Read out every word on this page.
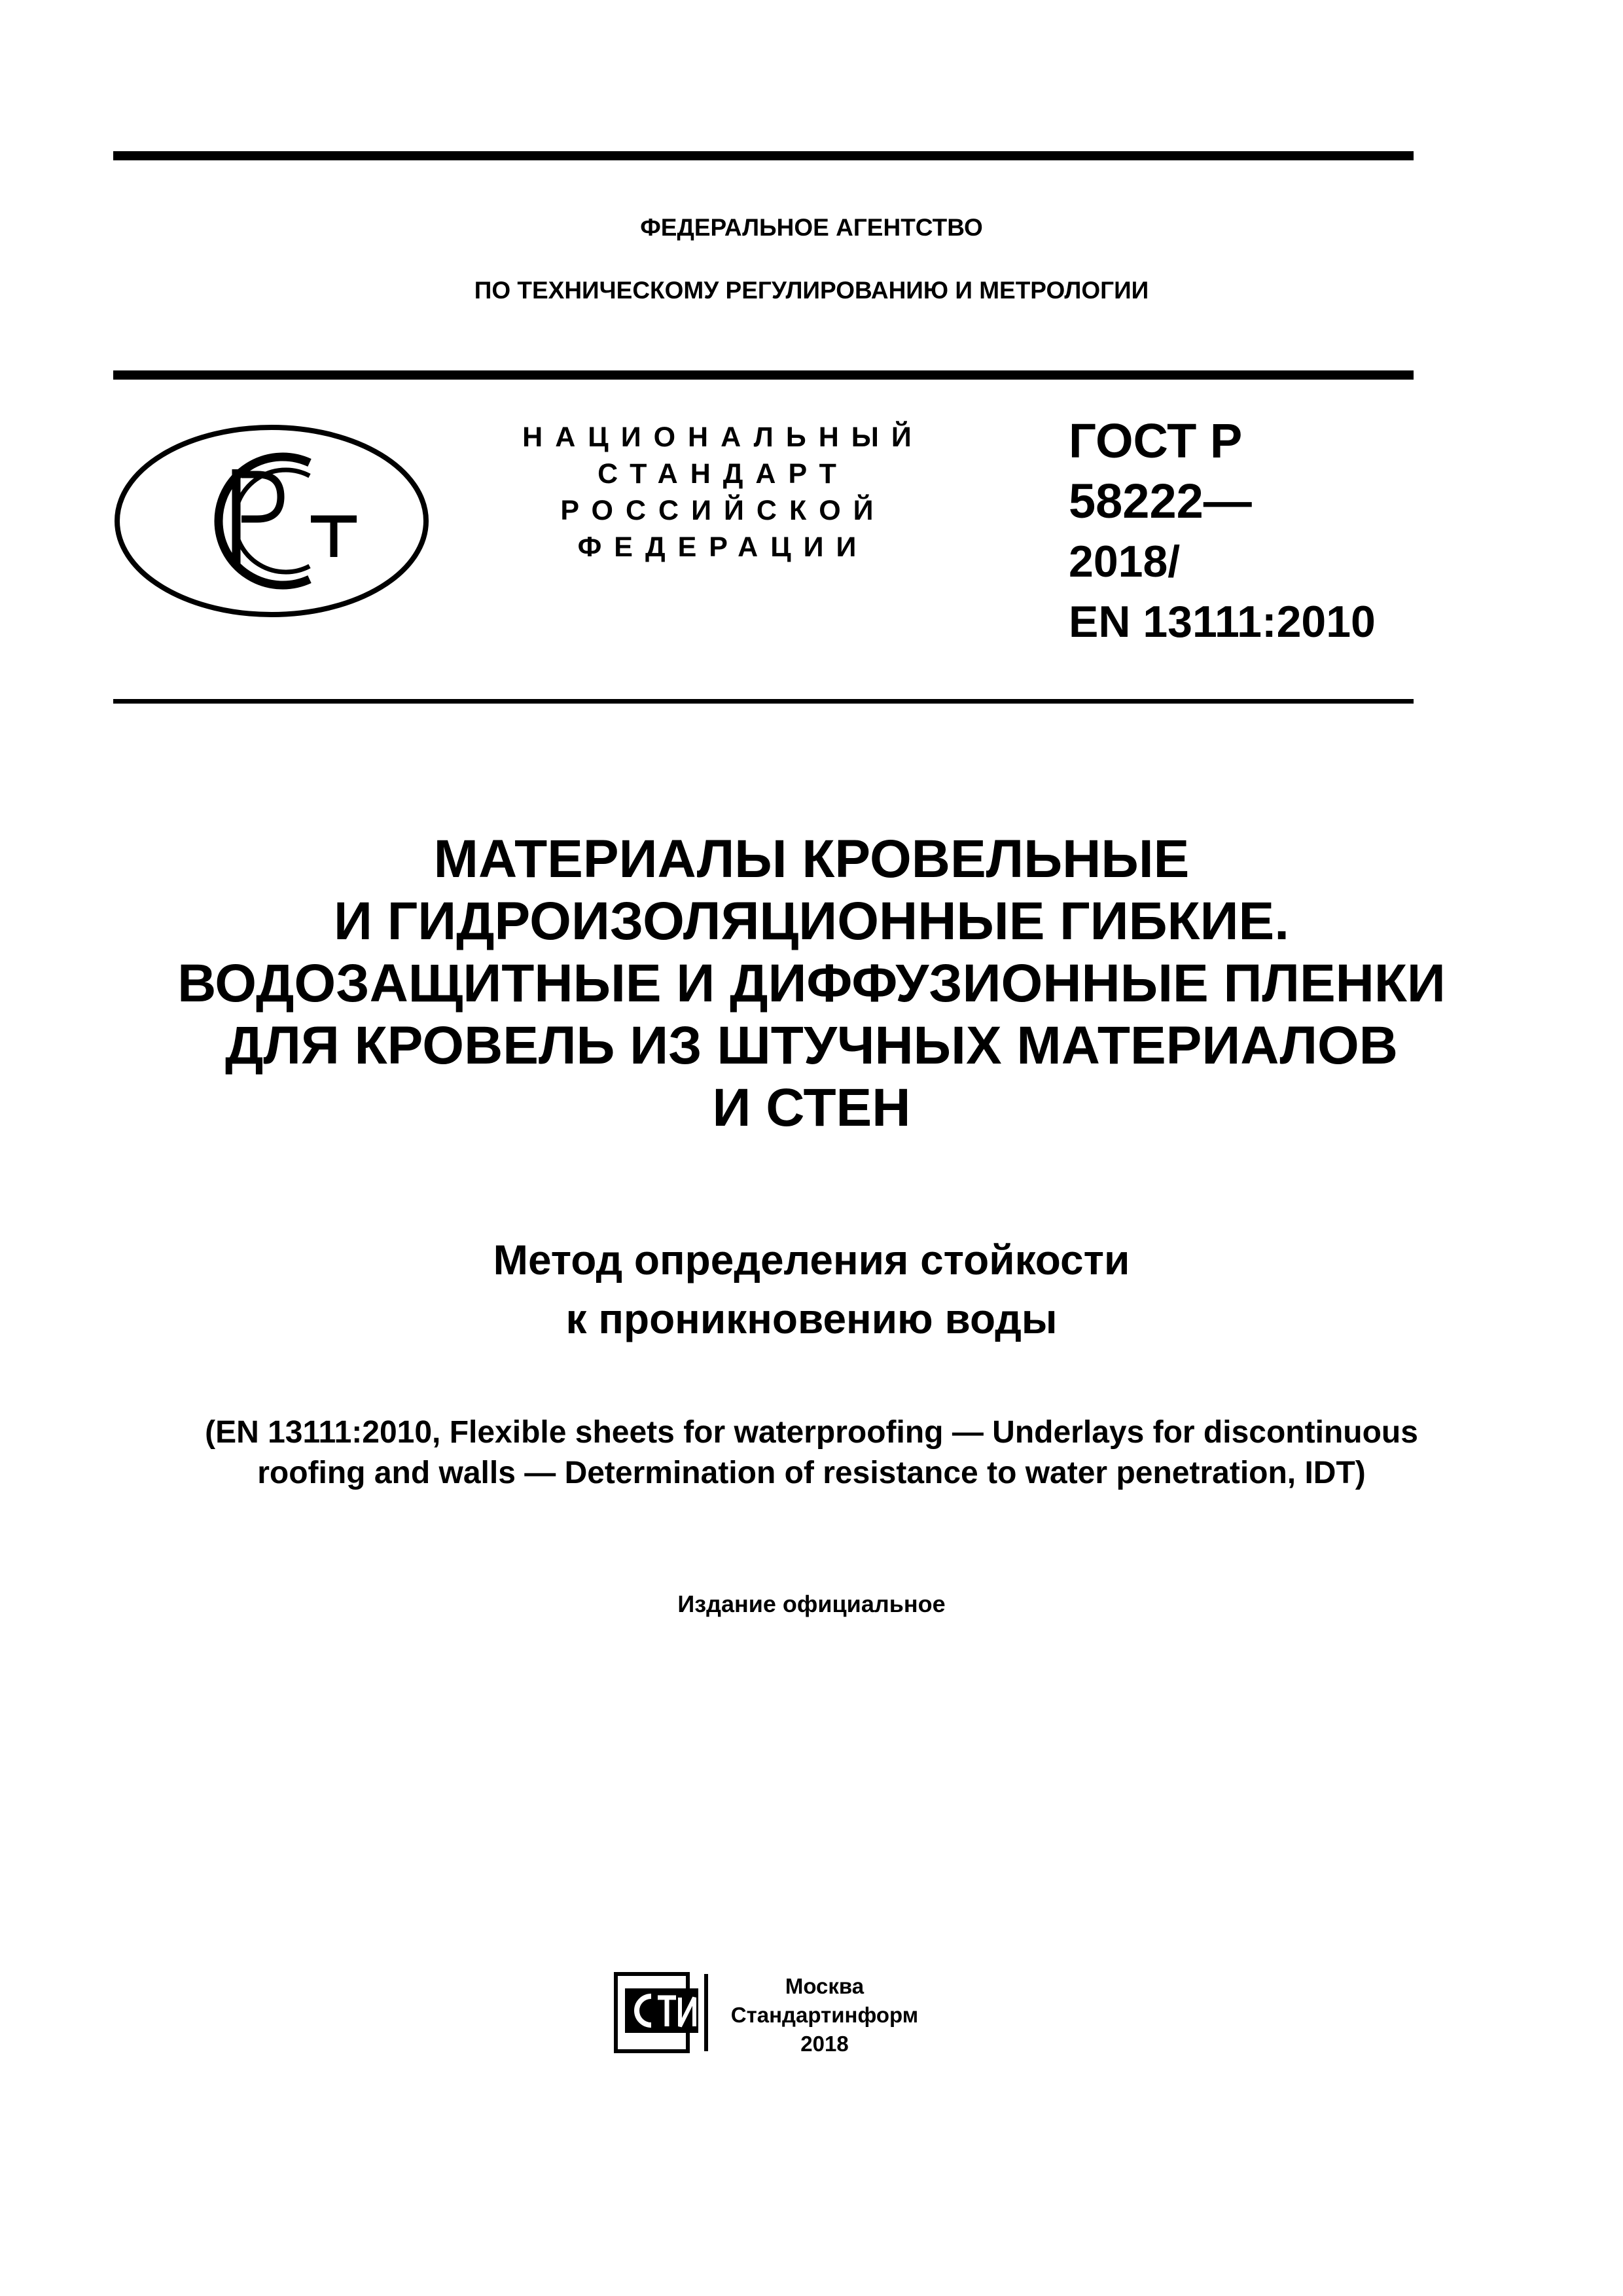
ФЕДЕРАЛЬНОЕ АГЕНТСТВО
ПО ТЕХНИЧЕСКОМУ РЕГУЛИРОВАНИЮ И МЕТРОЛОГИИ
РСТ
НАЦИОНАЛЬНЫЙ
СТАНДАРТ
РОССИЙСКОЙ
ФЕДЕРАЦИИ
ГОСТ Р
58222—
2018/
EN 13111:2010
МАТЕРИАЛЫ КРОВЕЛЬНЫЕ
И ГИДРОИЗОЛЯЦИОННЫЕ ГИБКИЕ.
ВОДОЗАЩИТНЫЕ И ДИФФУЗИОННЫЕ ПЛЕНКИ
ДЛЯ КРОВЕЛЬ ИЗ ШТУЧНЫХ МАТЕРИАЛОВ
И СТЕН
Метод определения стойкости
к проникновению воды
(EN 13111:2010, Flexible sheets for waterproofing — Underlays for discontinuous
roofing and walls — Determination of resistance to water penetration, IDT)
Издание официальное
Москва
Стандартинформ
2018
